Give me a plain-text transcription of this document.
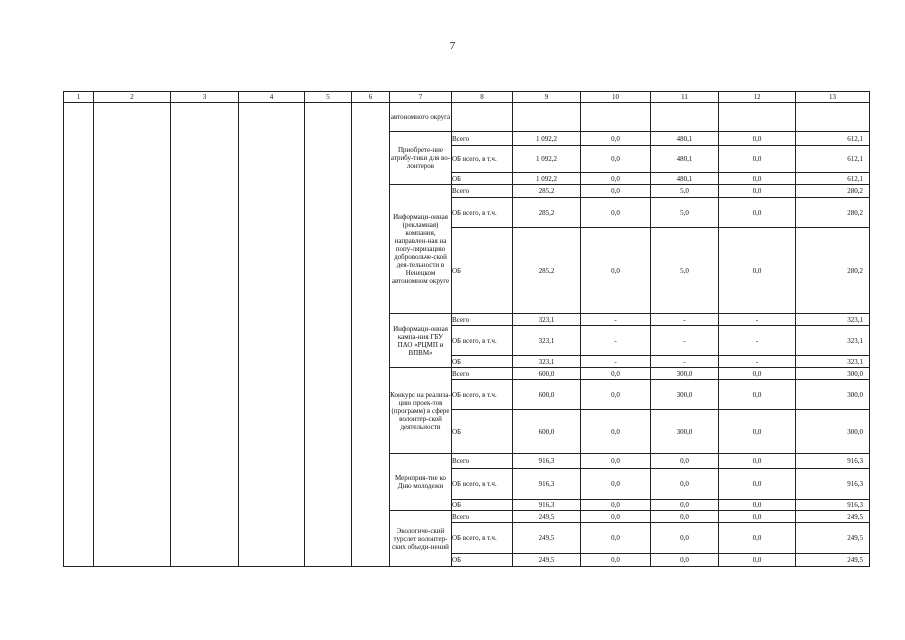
7
1	2	3	4	5	6	7	8	9	10	11	12	13
						автономного округа						
						Приобрете-ние атрибу-тики для во-лонтеров	Всего	1 092,2	0,0	480,1	0,0	612,1
							ОБ всего, в т.ч.	1 092,2	0,0	480,1	0,0	612,1
							ОБ	1 092,2	0,0	480,1	0,0	612,1
						Информаци-онная (рекламная) компания, направлен-ная на попу-ляризацию добровольче-ской дея-тельности в Ненецком автономном округе	Всего	285,2	0,0	5,0	0,0	280,2
							ОБ всего, в т.ч.	285,2	0,0	5,0	0,0	280,2
							ОБ	285,2	0,0	5,0	0,0	280,2
						Информаци-онная кампа-ния ГБУ ПАО «РЦМП и ВПВМ»	Всего	323,1	-	-	-	323,1
							ОБ всего, в т.ч.	323,1	-	-	-	323,1
							ОБ	323,1	-	-	-	323,1
						Конкурс на реализа-цию проек-тов (программ) в сфере волонтер-ской деятельности	Всего	600,0	0,0	300,0	0,0	300,0
							ОБ всего, в т.ч.	600,0	0,0	300,0	0,0	300,0
							ОБ	600,0	0,0	300,0	0,0	300,0
						Мероприя-тие ко Дню молодежи	Всего	916,3	0,0	0,0	0,0	916,3
							ОБ всего, в т.ч.	916,3	0,0	0,0	0,0	916,3
							ОБ	916,3	0,0	0,0	0,0	916,3
						Экологиче-ский турслет волонтер-ских объеди-нений	Всего	249,5	0,0	0,0	0,0	249,5
							ОБ всего, в т.ч.	249,5	0,0	0,0	0,0	249,5
							ОБ	249,5	0,0	0,0	0,0	249,5
